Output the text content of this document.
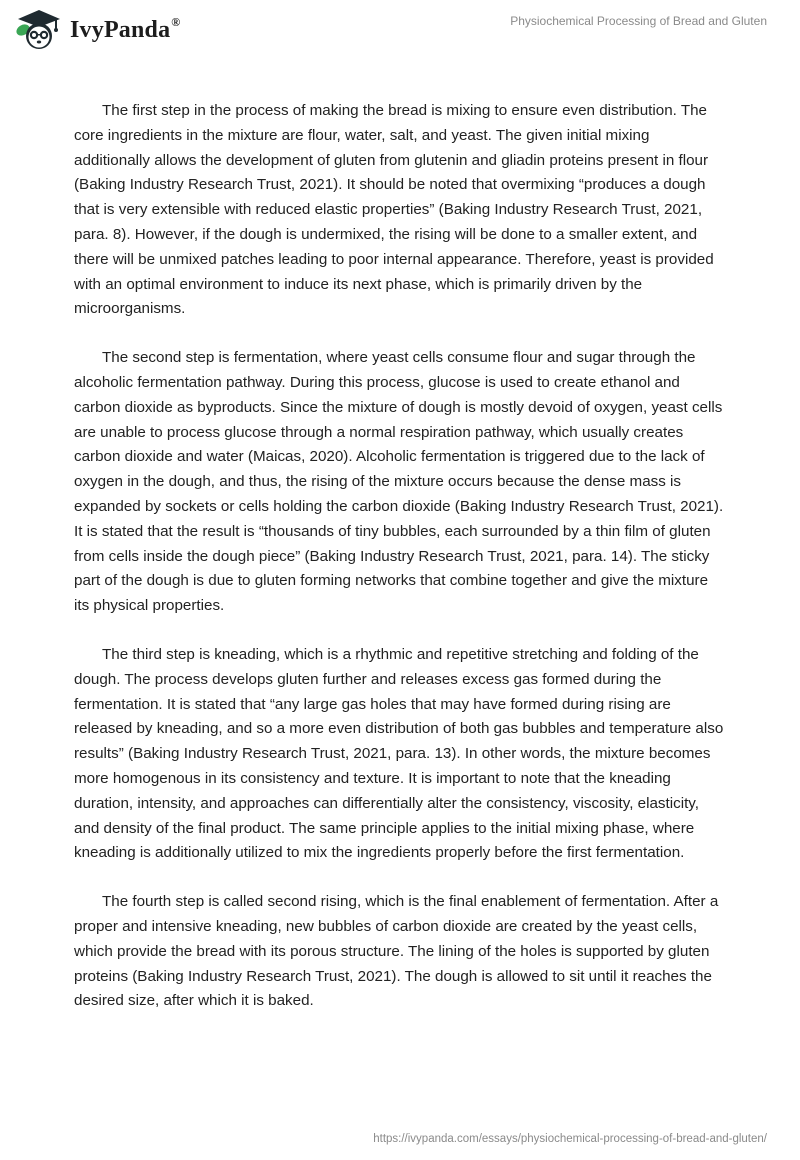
IvyPanda®	Physiochemical Processing of Bread and Gluten

The first step in the process of making the bread is mixing to ensure even distribution. The core ingredients in the mixture are flour, water, salt, and yeast. The given initial mixing additionally allows the development of gluten from glutenin and gliadin proteins present in flour (Baking Industry Research Trust, 2021). It should be noted that overmixing “produces a dough that is very extensible with reduced elastic properties” (Baking Industry Research Trust, 2021, para. 8). However, if the dough is undermixed, the rising will be done to a smaller extent, and there will be unmixed patches leading to poor internal appearance. Therefore, yeast is provided with an optimal environment to induce its next phase, which is primarily driven by the microorganisms.

The second step is fermentation, where yeast cells consume flour and sugar through the alcoholic fermentation pathway. During this process, glucose is used to create ethanol and carbon dioxide as byproducts. Since the mixture of dough is mostly devoid of oxygen, yeast cells are unable to process glucose through a normal respiration pathway, which usually creates carbon dioxide and water (Maicas, 2020). Alcoholic fermentation is triggered due to the lack of oxygen in the dough, and thus, the rising of the mixture occurs because the dense mass is expanded by sockets or cells holding the carbon dioxide (Baking Industry Research Trust, 2021). It is stated that the result is “thousands of tiny bubbles, each surrounded by a thin film of gluten from cells inside the dough piece” (Baking Industry Research Trust, 2021, para. 14). The sticky part of the dough is due to gluten forming networks that combine together and give the mixture its physical properties.

The third step is kneading, which is a rhythmic and repetitive stretching and folding of the dough. The process develops gluten further and releases excess gas formed during the fermentation. It is stated that “any large gas holes that may have formed during rising are released by kneading, and so a more even distribution of both gas bubbles and temperature also results” (Baking Industry Research Trust, 2021, para. 13). In other words, the mixture becomes more homogenous in its consistency and texture. It is important to note that the kneading duration, intensity, and approaches can differentially alter the consistency, viscosity, elasticity, and density of the final product. The same principle applies to the initial mixing phase, where kneading is additionally utilized to mix the ingredients properly before the first fermentation.

The fourth step is called second rising, which is the final enablement of fermentation. After a proper and intensive kneading, new bubbles of carbon dioxide are created by the yeast cells, which provide the bread with its porous structure. The lining of the holes is supported by gluten proteins (Baking Industry Research Trust, 2021). The dough is allowed to sit until it reaches the desired size, after which it is baked.

https://ivypanda.com/essays/physiochemical-processing-of-bread-and-gluten/
